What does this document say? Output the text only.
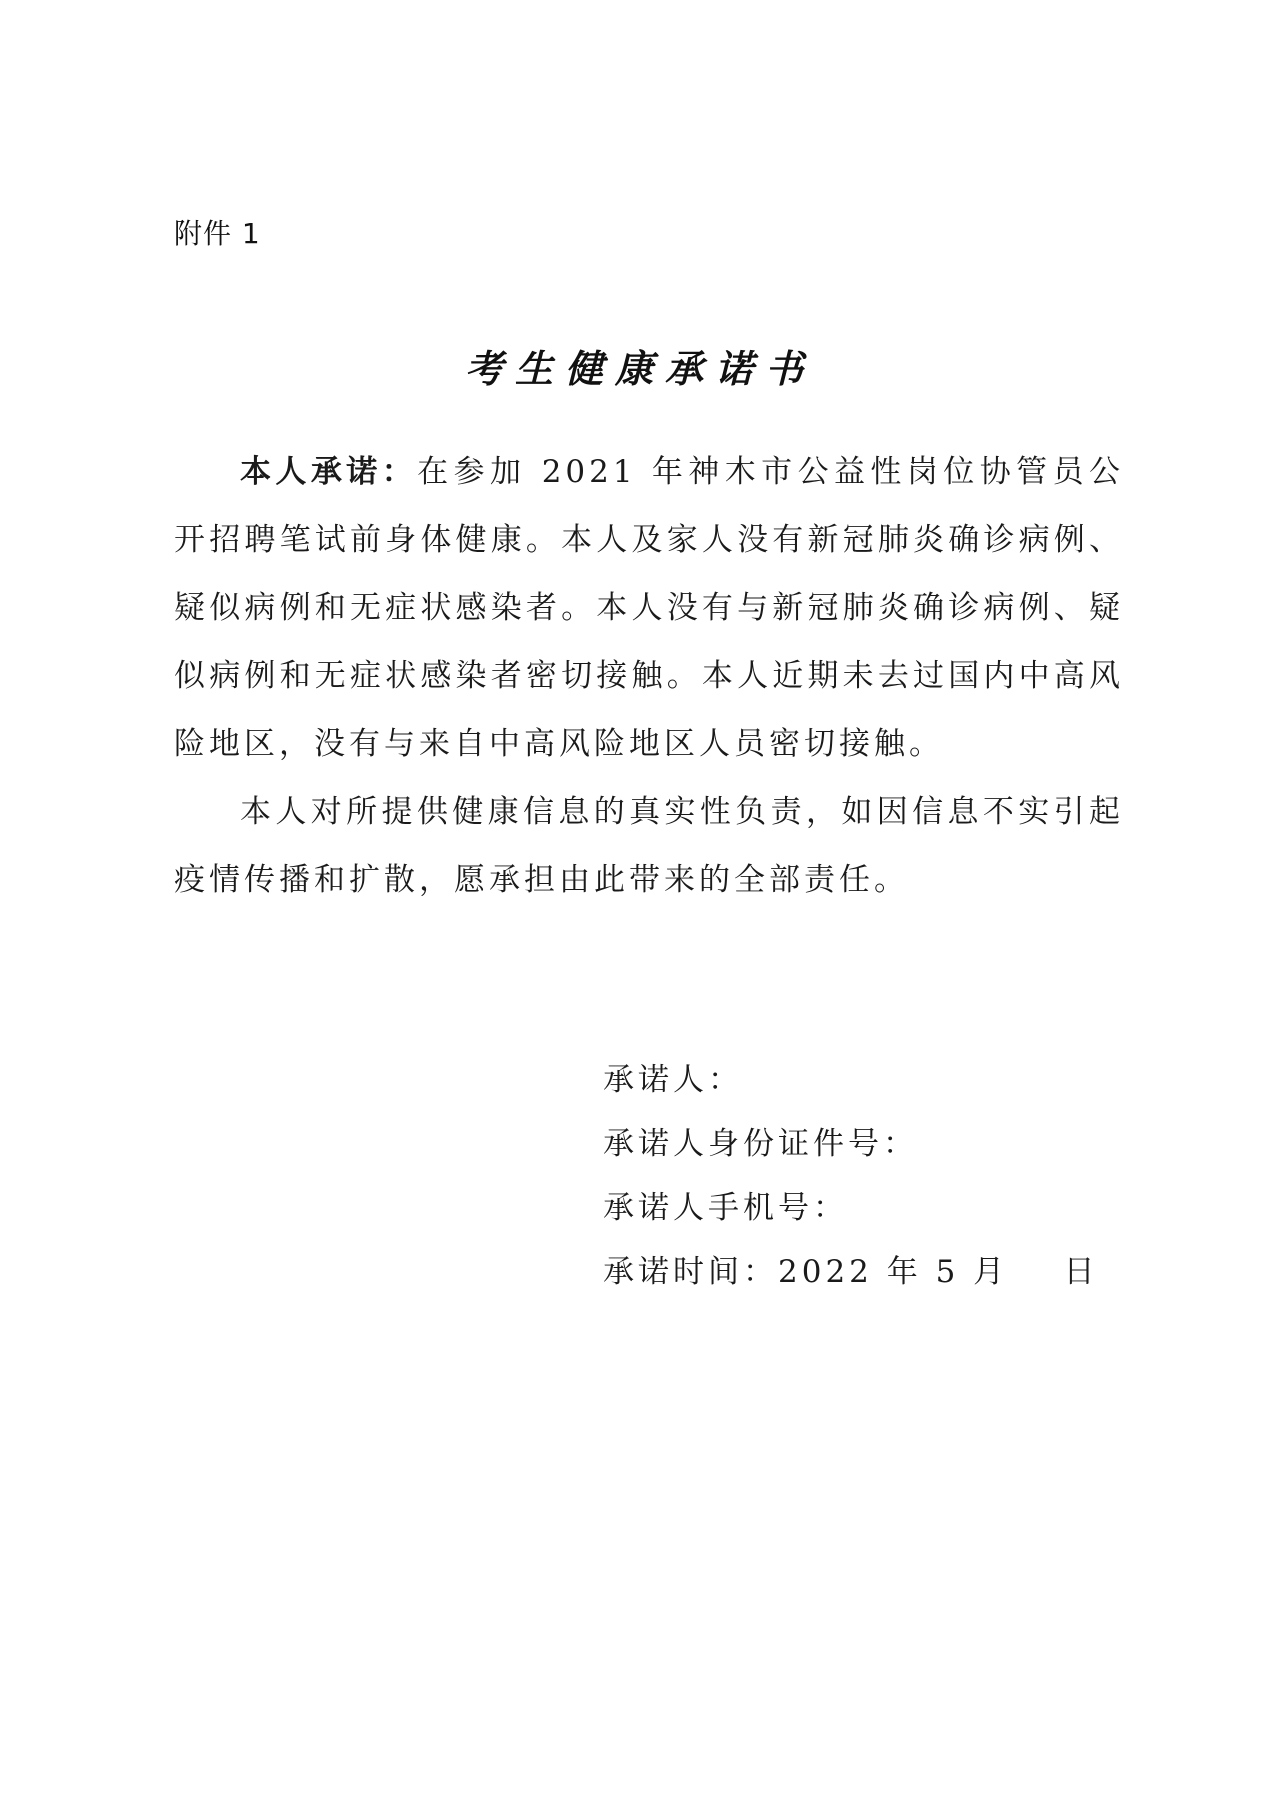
附件 1
考生健康承诺书

本人承诺：在参加 2021 年神木市公益性岗位协管员公开招聘笔试前身体健康。本人及家人没有新冠肺炎确诊病例、疑似病例和无症状感染者。本人没有与新冠肺炎确诊病例、疑似病例和无症状感染者密切接触。本人近期未去过国内中高风险地区，没有与来自中高风险地区人员密切接触。

本人对所提供健康信息的真实性负责，如因信息不实引起疫情传播和扩散，愿承担由此带来的全部责任。

承诺人：
承诺人身份证件号：
承诺人手机号：
承诺时间：2022 年 5 月    日
